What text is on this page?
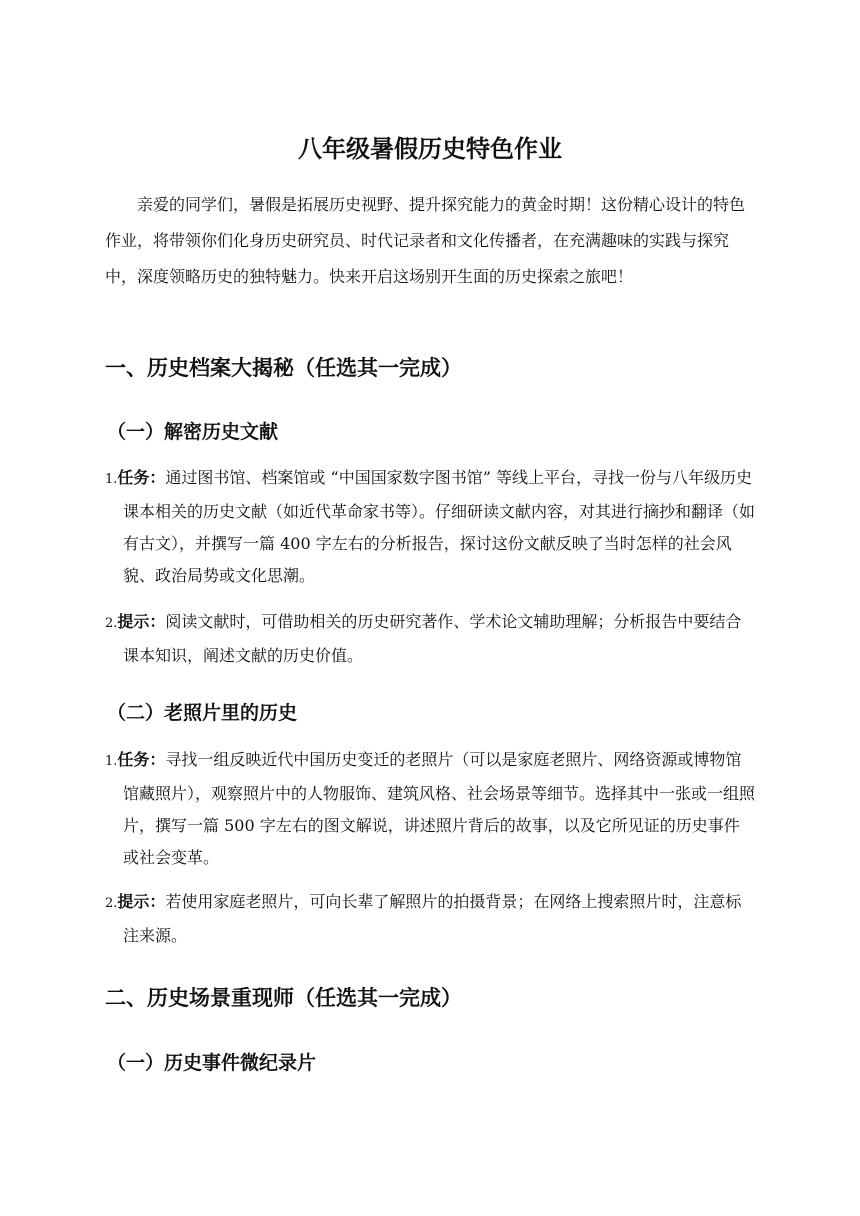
八年级暑假历史特色作业

亲爱的同学们，暑假是拓展历史视野、提升探究能力的黄金时期！这份精心设计的特色作业，将带领你们化身历史研究员、时代记录者和文化传播者，在充满趣味的实践与探究中，深度领略历史的独特魅力。快来开启这场别开生面的历史探索之旅吧！

一、历史档案大揭秘（任选其一完成）
（一）解密历史文献

1.任务：通过图书馆、档案馆或 “中国国家数字图书馆” 等线上平台，寻找一份与八年级历史课本相关的历史文献（如近代革命家书等）。仔细研读文献内容，对其进行摘抄和翻译（如有古文），并撰写一篇 400 字左右的分析报告，探讨这份文献反映了当时怎样的社会风貌、政治局势或文化思潮。

2.提示：阅读文献时，可借助相关的历史研究著作、学术论文辅助理解；分析报告中要结合课本知识，阐述文献的历史价值。

（二）老照片里的历史

1.任务：寻找一组反映近代中国历史变迁的老照片（可以是家庭老照片、网络资源或博物馆馆藏照片），观察照片中的人物服饰、建筑风格、社会场景等细节。选择其中一张或一组照片，撰写一篇 500 字左右的图文解说，讲述照片背后的故事，以及它所见证的历史事件或社会变革。

2.提示：若使用家庭老照片，可向长辈了解照片的拍摄背景；在网络上搜索照片时，注意标注来源。

二、历史场景重现师（任选其一完成）
（一）历史事件微纪录片
